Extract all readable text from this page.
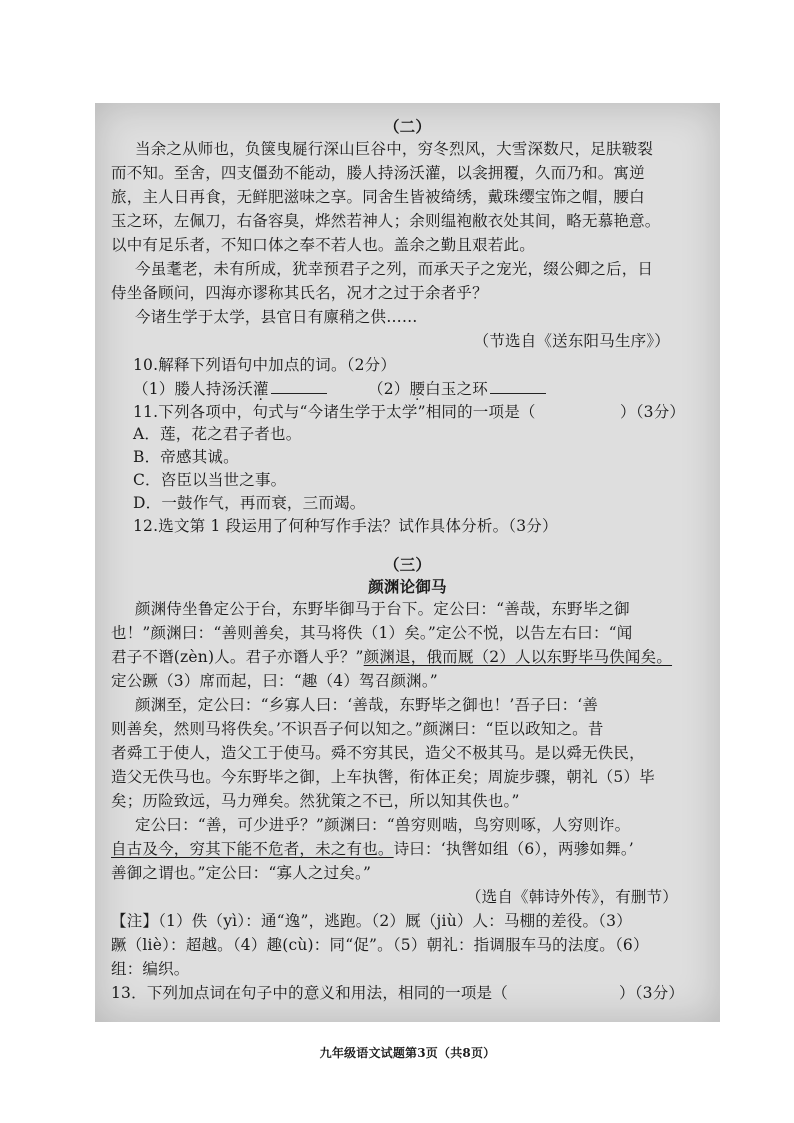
（二）
当余之从师也，负箧曳屣行深山巨谷中，穷冬烈风，大雪深数尺，足肤皲裂
而不知。至舍，四支僵劲不能动，媵人持汤沃灌，以衾拥覆，久而乃和。寓逆
旅，主人日再食，无鲜肥滋味之享。同舍生皆被绮绣，戴珠缨宝饰之帽，腰白
玉之环，左佩刀，右备容臭，烨然若神人；余则缊袍敝衣处其间，略无慕艳意。
以中有足乐者，不知口体之奉不若人也。盖余之勤且艰若此。
今虽耄老，未有所成，犹幸预君子之列，而承天子之宠光，缀公卿之后，日
侍坐备顾问，四海亦谬称其氏名，况才之过于余者乎？
今诸生学于太学，县官日有廪稍之供……
（节选自《送东阳马生序》）
10.解释下列语句中加点的词。（2分）
（1）媵人持汤沃灌	（2）腰白玉之环
11.下列各项中，句式与“今诸生学于太学”相同的一项是（	）（3分）
A．莲，花之君子者也。
B．帝感其诚。
C．咨臣以当世之事。
D．一鼓作气，再而衰，三而竭。
12.选文第 1 段运用了何种写作手法？试作具体分析。（3分）
（三）
颜渊论御马
颜渊侍坐鲁定公于台，东野毕御马于台下。定公曰：“善哉，东野毕之御
也！”颜渊曰：“善则善矣，其马将佚（1）矣。”定公不悦，以告左右曰：“闻
君子不谮(zèn)人。君子亦谮人乎？”颜渊退，俄而厩（2）人以东野毕马佚闻矣。
定公蹶（3）席而起，曰：“趣（4）驾召颜渊。”
颜渊至，定公曰：“乡寡人曰：‘善哉，东野毕之御也！’吾子曰：‘善
则善矣，然则马将佚矣。’不识吾子何以知之。”颜渊曰：“臣以政知之。昔
者舜工于使人，造父工于使马。舜不穷其民，造父不极其马。是以舜无佚民，
造父无佚马也。今东野毕之御，上车执辔，衔体正矣；周旋步骤，朝礼（5）毕
矣；历险致远，马力殚矣。然犹策之不已，所以知其佚也。”
定公曰：“善，可少进乎？”颜渊曰：“兽穷则啮，鸟穷则啄，人穷则诈。
自古及今，穷其下能不危者，未之有也。诗曰：‘执辔如组（6），两骖如舞。’
善御之谓也。”定公曰：“寡人之过矣。”
（选自《韩诗外传》，有删节）
【注】（1）佚（yì）：通“逸”，逃跑。（2）厩（jiù）人：马棚的差役。（3）
蹶（liè）：超越。（4）趣(cù)：同“促”。（5）朝礼：指调服车马的法度。（6）
组：编织。
13．下列加点词在句子中的意义和用法，相同的一项是（	）（3分）
九年级语文试题第3页（共8页）
